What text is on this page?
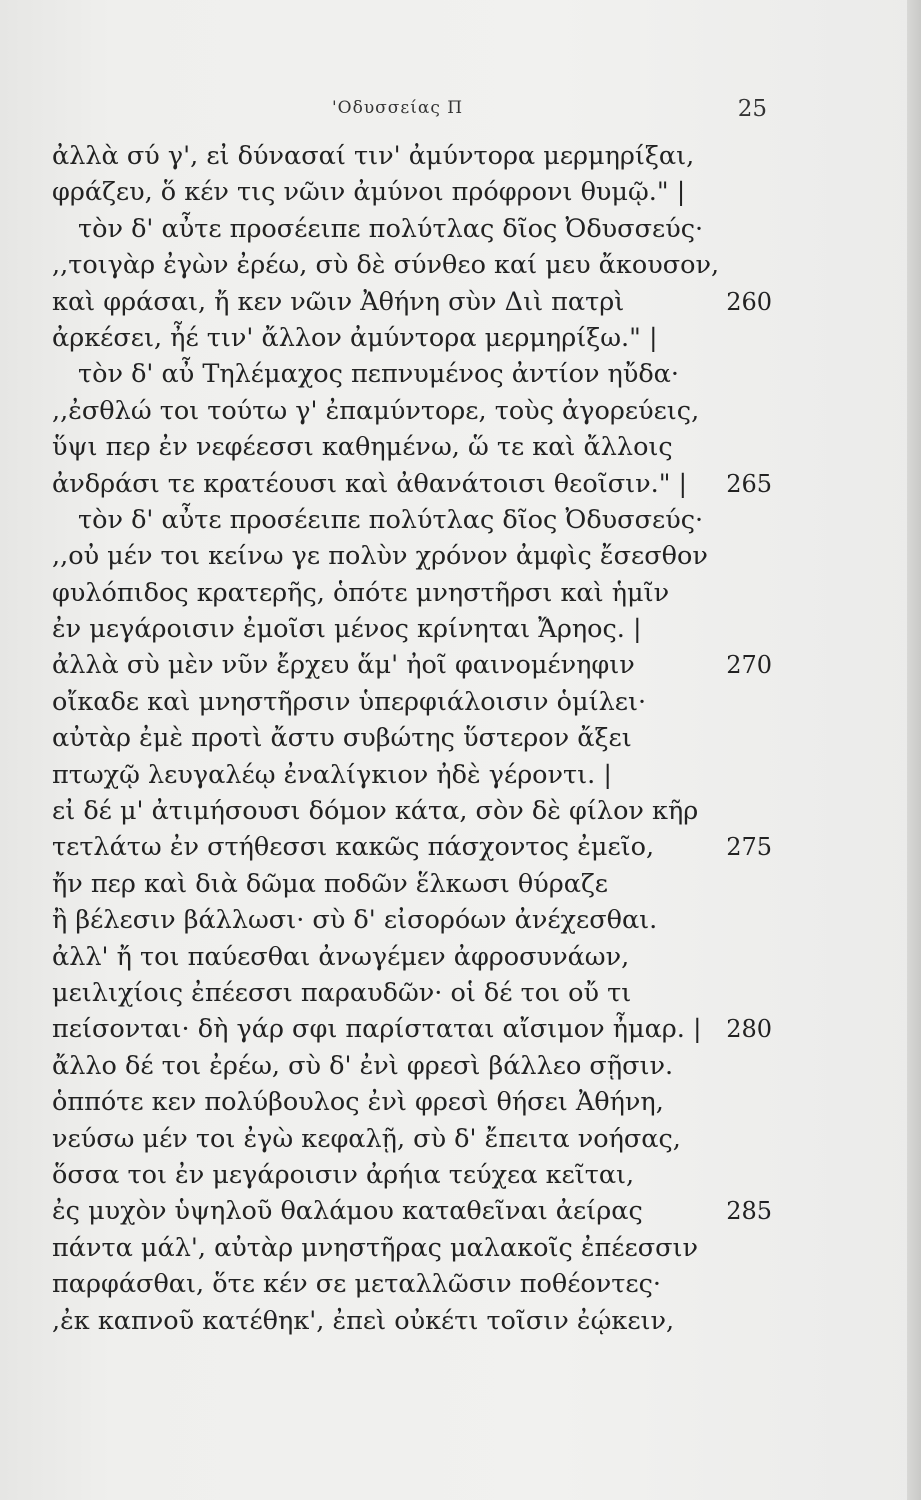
'Οδυσσείας Π	25
ἀλλὰ σύ γ', εἰ δύνασαί τιν' ἀμύντορα μερμηρίξαι,
φράζευ, ὅ κέν τις νῶιν ἀμύνοι πρόφρονι θυμῷ." |
τὸν δ' αὖτε προσέειπε πολύτλας δῖος Ὀδυσσεύς·
,,τοιγὰρ ἐγὼν ἐρέω, σὺ δὲ σύνθεο καί μευ ἄκουσον,
καὶ φράσαι, ἤ κεν νῶιν Ἀθήνη σὺν Διὶ πατρὶ	260
ἀρκέσει, ἦέ τιν' ἄλλον ἀμύντορα μερμηρίξω." |
τὸν δ' αὖ Τηλέμαχος πεπνυμένος ἀντίον ηὔδα·
,,ἐσθλώ τοι τούτω γ' ἐπαμύντορε, τοὺς ἀγορεύεις,
ὕψι περ ἐν νεφέεσσι καθημένω, ὥ τε καὶ ἄλλοις
ἀνδράσι τε κρατέουσι καὶ ἀθανάτοισι θεοῖσιν." | 265
τὸν δ' αὖτε προσέειπε πολύτλας δῖος Ὀδυσσεύς·
,,οὐ μέν τοι κείνω γε πολὺν χρόνον ἀμφὶς ἔσεσθον
φυλόπιδος κρατερῆς, ὁπότε μνηστῆρσι καὶ ἡμῖν
ἐν μεγάροισιν ἐμοῖσι μένος κρίνηται Ἄρηος. |
ἀλλὰ σὺ μὲν νῦν ἔρχευ ἅμ' ἠοῖ φαινομένηφιν	270
οἴκαδε καὶ μνηστῆρσιν ὑπερφιάλοισιν ὁμίλει·
αὐτὰρ ἐμὲ προτὶ ἄστυ συβώτης ὕστερον ἄξει
πτωχῷ λευγαλέῳ ἐναλίγκιον ἠδὲ γέροντι. |
εἰ δέ μ' ἀτιμήσουσι δόμον κάτα, σὸν δὲ φίλον κῆρ
τετλάτω ἐν στήθεσσι κακῶς πάσχοντος ἐμεῖο,	275
ἤν περ καὶ διὰ δῶμα ποδῶν ἕλκωσι θύραζε
ἢ βέλεσιν βάλλωσι· σὺ δ' εἰσορόων ἀνέχεσθαι.
ἀλλ' ἤ τοι παύεσθαι ἀνωγέμεν ἀφροσυνάων,
μειλιχίοις ἐπέεσσι παραυδῶν· οἱ δέ τοι οὔ τι
πείσονται· δὴ γάρ σφι παρίσταται αἴσιμον ἦμαρ. | 280
ἄλλο δέ τοι ἐρέω, σὺ δ' ἐνὶ φρεσὶ βάλλεο σῇσιν.
ὁππότε κεν πολύβουλος ἐνὶ φρεσὶ θήσει Ἀθήνη,
νεύσω μέν τοι ἐγὼ κεφαλῇ, σὺ δ' ἔπειτα νοήσας,
ὅσσα τοι ἐν μεγάροισιν ἀρήια τεύχεα κεῖται,
ἐς μυχὸν ὑψηλοῦ θαλάμου καταθεῖναι ἀείρας	285
πάντα μάλ', αὐτὰρ μνηστῆρας μαλακοῖς ἐπέεσσιν
παρφάσθαι, ὅτε κέν σε μεταλλῶσιν ποθέοντες·
,ἐκ καπνοῦ κατέθηκ', ἐπεὶ οὐκέτι τοῖσιν ἐῴκειν,
